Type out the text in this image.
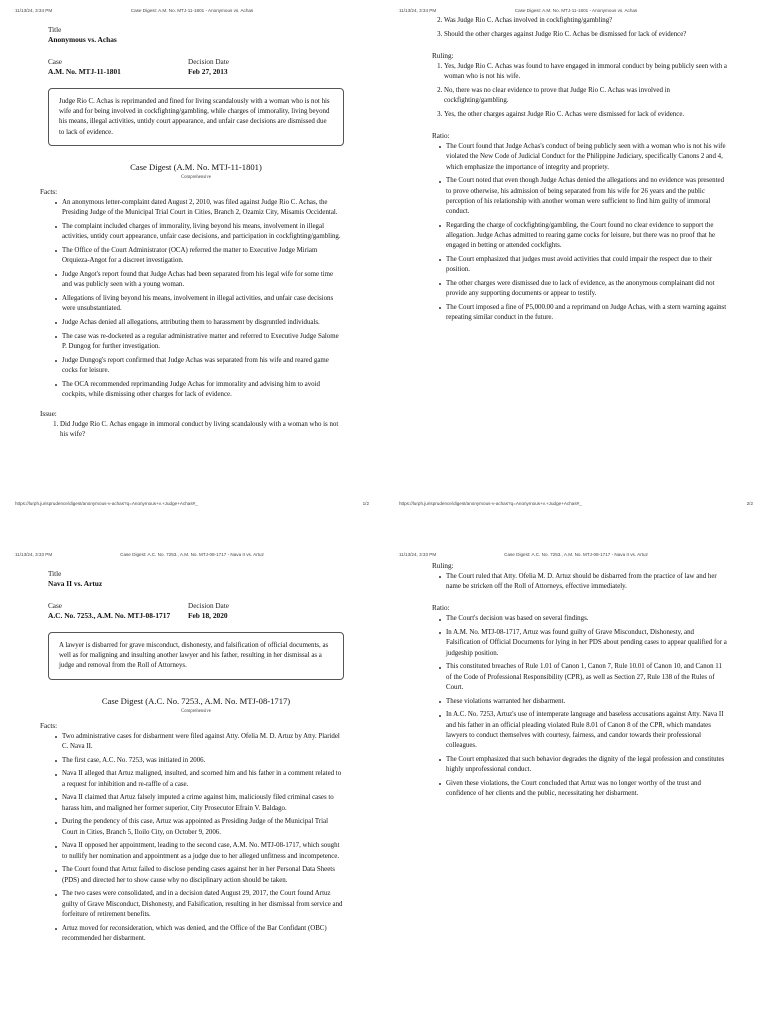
11/13/24, 3:34 PM	Case Digest: A.M. No. MTJ-11-1801 - Anonymous vs. Achas

Title

Anonymous vs. Achas

Case

A.M. No. MTJ-11-1801

Decision Date

Feb 27, 2013

Judge Rio C. Achas is reprimanded and fined for living scandalously with a woman who is not his wife and for being involved in cockfighting/gambling, while charges of immorality, living beyond his means, illegal activities, untidy court appearance, and unfair case decisions are dismissed due to lack of evidence.
Case Digest (A.M. No. MTJ-11-1801)
Comprehensive
Facts:
An anonymous letter-complaint dated August 2, 2010, was filed against Judge Rio C. Achas, the Presiding Judge of the Municipal Trial Court in Cities, Branch 2, Ozamiz City, Misamis Occidental.
The complaint included charges of immorality, living beyond his means, involvement in illegal activities, untidy court appearance, unfair case decisions, and participation in cockfighting/gambling.
The Office of the Court Administrator (OCA) referred the matter to Executive Judge Miriam Orquieza-Angot for a discreet investigation.
Judge Angot's report found that Judge Achas had been separated from his legal wife for some time and was publicly seen with a young woman.
Allegations of living beyond his means, involvement in illegal activities, and unfair case decisions were unsubstantiated.
Judge Achas denied all allegations, attributing them to harassment by disgruntled individuals.
The case was re-docketed as a regular administrative matter and referred to Executive Judge Salome P. Dungog for further investigation.
Judge Dungog's report confirmed that Judge Achas was separated from his wife and reared game cocks for leisure.
The OCA recommended reprimanding Judge Achas for immorality and advising him to avoid cockpits, while dismissing other charges for lack of evidence.
Issue:
1. Did Judge Rio C. Achas engage in immoral conduct by living scandalously with a woman who is not his wife?
https://lurph.jurisprudence/digest/anonymous-v-achas?q=Anonymous+v.+Judge+Achas#_	1/2
11/13/24, 3:34 PM	Case Digest: A.M. No. MTJ-11-1801 - Anonymous vs. Achas
2. Was Judge Rio C. Achas involved in cockfighting/gambling?
3. Should the other charges against Judge Rio C. Achas be dismissed for lack of evidence?
Ruling:
1. Yes, Judge Rio C. Achas was found to have engaged in immoral conduct by being publicly seen with a woman who is not his wife.
2. No, there was no clear evidence to prove that Judge Rio C. Achas was involved in cockfighting/gambling.
3. Yes, the other charges against Judge Rio C. Achas were dismissed for lack of evidence.
Ratio:
The Court found that Judge Achas's conduct of being publicly seen with a woman who is not his wife violated the New Code of Judicial Conduct for the Philippine Judiciary, specifically Canons 2 and 4, which emphasize the importance of integrity and propriety.
The Court noted that even though Judge Achas denied the allegations and no evidence was presented to prove otherwise, his admission of being separated from his wife for 26 years and the public perception of his relationship with another woman were sufficient to find him guilty of immoral conduct.
Regarding the charge of cockfighting/gambling, the Court found no clear evidence to support the allegation. Judge Achas admitted to rearing game cocks for leisure, but there was no proof that he engaged in betting or attended cockfights.
The Court emphasized that judges must avoid activities that could impair the respect due to their position.
The other charges were dismissed due to lack of evidence, as the anonymous complainant did not provide any supporting documents or appear to testify.
The Court imposed a fine of P5,000.00 and a reprimand on Judge Achas, with a stern warning against repeating similar conduct in the future.
https://lurph.jurisprudence/digest/anonymous-v-achas?q=Anonymous+v.+Judge+Achas#_	2/2
11/13/24, 3:33 PM	Case Digest: A.C. No. 7253., A.M. No. MTJ-08-1717 - Nava II vs. Artuz

Title

Nava II vs. Artuz

Case

A.C. No. 7253., A.M. No. MTJ-08-1717

Decision Date

Feb 18, 2020

A lawyer is disbarred for grave misconduct, dishonesty, and falsification of official documents, as well as for maligning and insulting another lawyer and his father, resulting in her dismissal as a judge and removal from the Roll of Attorneys.
Case Digest (A.C. No. 7253., A.M. No. MTJ-08-1717)
Comprehensive
Facts:
Two administrative cases for disbarment were filed against Atty. Ofelia M. D. Artuz by Atty. Plaridel C. Nava II.
The first case, A.C. No. 7253, was initiated in 2006.
Nava II alleged that Artuz maligned, insulted, and scorned him and his father in a comment related to a request for inhibition and re-raffle of a case.
Nava II claimed that Artuz falsely imputed a crime against him, maliciously filed criminal cases to harass him, and maligned her former superior, City Prosecutor Efrain V. Baldago.
During the pendency of this case, Artuz was appointed as Presiding Judge of the Municipal Trial Court in Cities, Branch 5, Iloilo City, on October 9, 2006.
Nava II opposed her appointment, leading to the second case, A.M. No. MTJ-08-1717, which sought to nullify her nomination and appointment as a judge due to her alleged unfitness and incompetence.
The Court found that Artuz failed to disclose pending cases against her in her Personal Data Sheets (PDS) and directed her to show cause why no disciplinary action should be taken.
The two cases were consolidated, and in a decision dated August 29, 2017, the Court found Artuz guilty of Grave Misconduct, Dishonesty, and Falsification, resulting in her dismissal from service and forfeiture of retirement benefits.
Artuz moved for reconsideration, which was denied, and the Office of the Bar Confidant (OBC) recommended her disbarment.
11/13/24, 3:33 PM	Case Digest: A.C. No. 7253., A.M. No. MTJ-08-1717 - Nava II vs. Artuz
Ruling:
The Court ruled that Atty. Ofelia M. D. Artuz should be disbarred from the practice of law and her name be stricken off the Roll of Attorneys, effective immediately.
Ratio:
The Court's decision was based on several findings.
In A.M. No. MTJ-08-1717, Artuz was found guilty of Grave Misconduct, Dishonesty, and Falsification of Official Documents for lying in her PDS about pending cases to appear qualified for a judgeship position.
This constituted breaches of Rule 1.01 of Canon 1, Canon 7, Rule 10.01 of Canon 10, and Canon 11 of the Code of Professional Responsibility (CPR), as well as Section 27, Rule 138 of the Rules of Court.
These violations warranted her disbarment.
In A.C. No. 7253, Artuz's use of intemperate language and baseless accusations against Atty. Nava II and his father in an official pleading violated Rule 8.01 of Canon 8 of the CPR, which mandates lawyers to conduct themselves with courtesy, fairness, and candor towards their professional colleagues.
The Court emphasized that such behavior degrades the dignity of the legal profession and constitutes highly unprofessional conduct.
Given these violations, the Court concluded that Artuz was no longer worthy of the trust and confidence of her clients and the public, necessitating her disbarment.
